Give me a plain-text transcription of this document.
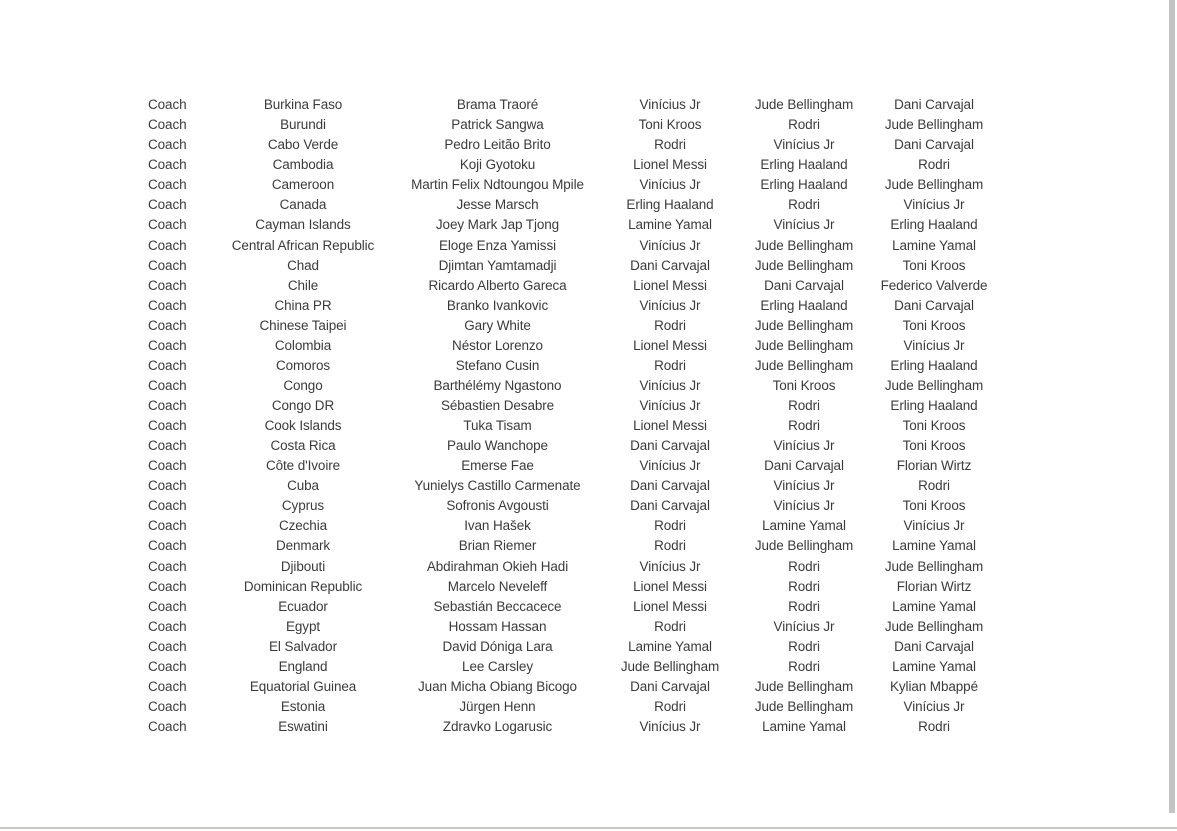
Coach	Burkina Faso	Brama Traoré	Vinícius Jr	Jude Bellingham	Dani Carvajal
Coach	Burundi	Patrick Sangwa	Toni Kroos	Rodri	Jude Bellingham
Coach	Cabo Verde	Pedro Leitão Brito	Rodri	Vinícius Jr	Dani Carvajal
Coach	Cambodia	Koji Gyotoku	Lionel Messi	Erling Haaland	Rodri
Coach	Cameroon	Martin Felix Ndtoungou Mpile	Vinícius Jr	Erling Haaland	Jude Bellingham
Coach	Canada	Jesse Marsch	Erling Haaland	Rodri	Vinícius Jr
Coach	Cayman Islands	Joey Mark Jap Tjong	Lamine Yamal	Vinícius Jr	Erling Haaland
Coach	Central African Republic	Eloge Enza Yamissi	Vinícius Jr	Jude Bellingham	Lamine Yamal
Coach	Chad	Djimtan Yamtamadji	Dani Carvajal	Jude Bellingham	Toni Kroos
Coach	Chile	Ricardo Alberto Gareca	Lionel Messi	Dani Carvajal	Federico Valverde
Coach	China PR	Branko Ivankovic	Vinícius Jr	Erling Haaland	Dani Carvajal
Coach	Chinese Taipei	Gary White	Rodri	Jude Bellingham	Toni Kroos
Coach	Colombia	Néstor Lorenzo	Lionel Messi	Jude Bellingham	Vinícius Jr
Coach	Comoros	Stefano Cusin	Rodri	Jude Bellingham	Erling Haaland
Coach	Congo	Barthélémy Ngastono	Vinícius Jr	Toni Kroos	Jude Bellingham
Coach	Congo DR	Sébastien Desabre	Vinícius Jr	Rodri	Erling Haaland
Coach	Cook Islands	Tuka Tisam	Lionel Messi	Rodri	Toni Kroos
Coach	Costa Rica	Paulo Wanchope	Dani Carvajal	Vinícius Jr	Toni Kroos
Coach	Côte d'Ivoire	Emerse Fae	Vinícius Jr	Dani Carvajal	Florian Wirtz
Coach	Cuba	Yunielys Castillo Carmenate	Dani Carvajal	Vinícius Jr	Rodri
Coach	Cyprus	Sofronis Avgousti	Dani Carvajal	Vinícius Jr	Toni Kroos
Coach	Czechia	Ivan Hašek	Rodri	Lamine Yamal	Vinícius Jr
Coach	Denmark	Brian Riemer	Rodri	Jude Bellingham	Lamine Yamal
Coach	Djibouti	Abdirahman Okieh Hadi	Vinícius Jr	Rodri	Jude Bellingham
Coach	Dominican Republic	Marcelo Neveleff	Lionel Messi	Rodri	Florian Wirtz
Coach	Ecuador	Sebastián Beccacece	Lionel Messi	Rodri	Lamine Yamal
Coach	Egypt	Hossam Hassan	Rodri	Vinícius Jr	Jude Bellingham
Coach	El Salvador	David Dóniga Lara	Lamine Yamal	Rodri	Dani Carvajal
Coach	England	Lee Carsley	Jude Bellingham	Rodri	Lamine Yamal
Coach	Equatorial Guinea	Juan Micha Obiang Bicogo	Dani Carvajal	Jude Bellingham	Kylian Mbappé
Coach	Estonia	Jürgen Henn	Rodri	Jude Bellingham	Vinícius Jr
Coach	Eswatini	Zdravko Logarusic	Vinícius Jr	Lamine Yamal	Rodri
